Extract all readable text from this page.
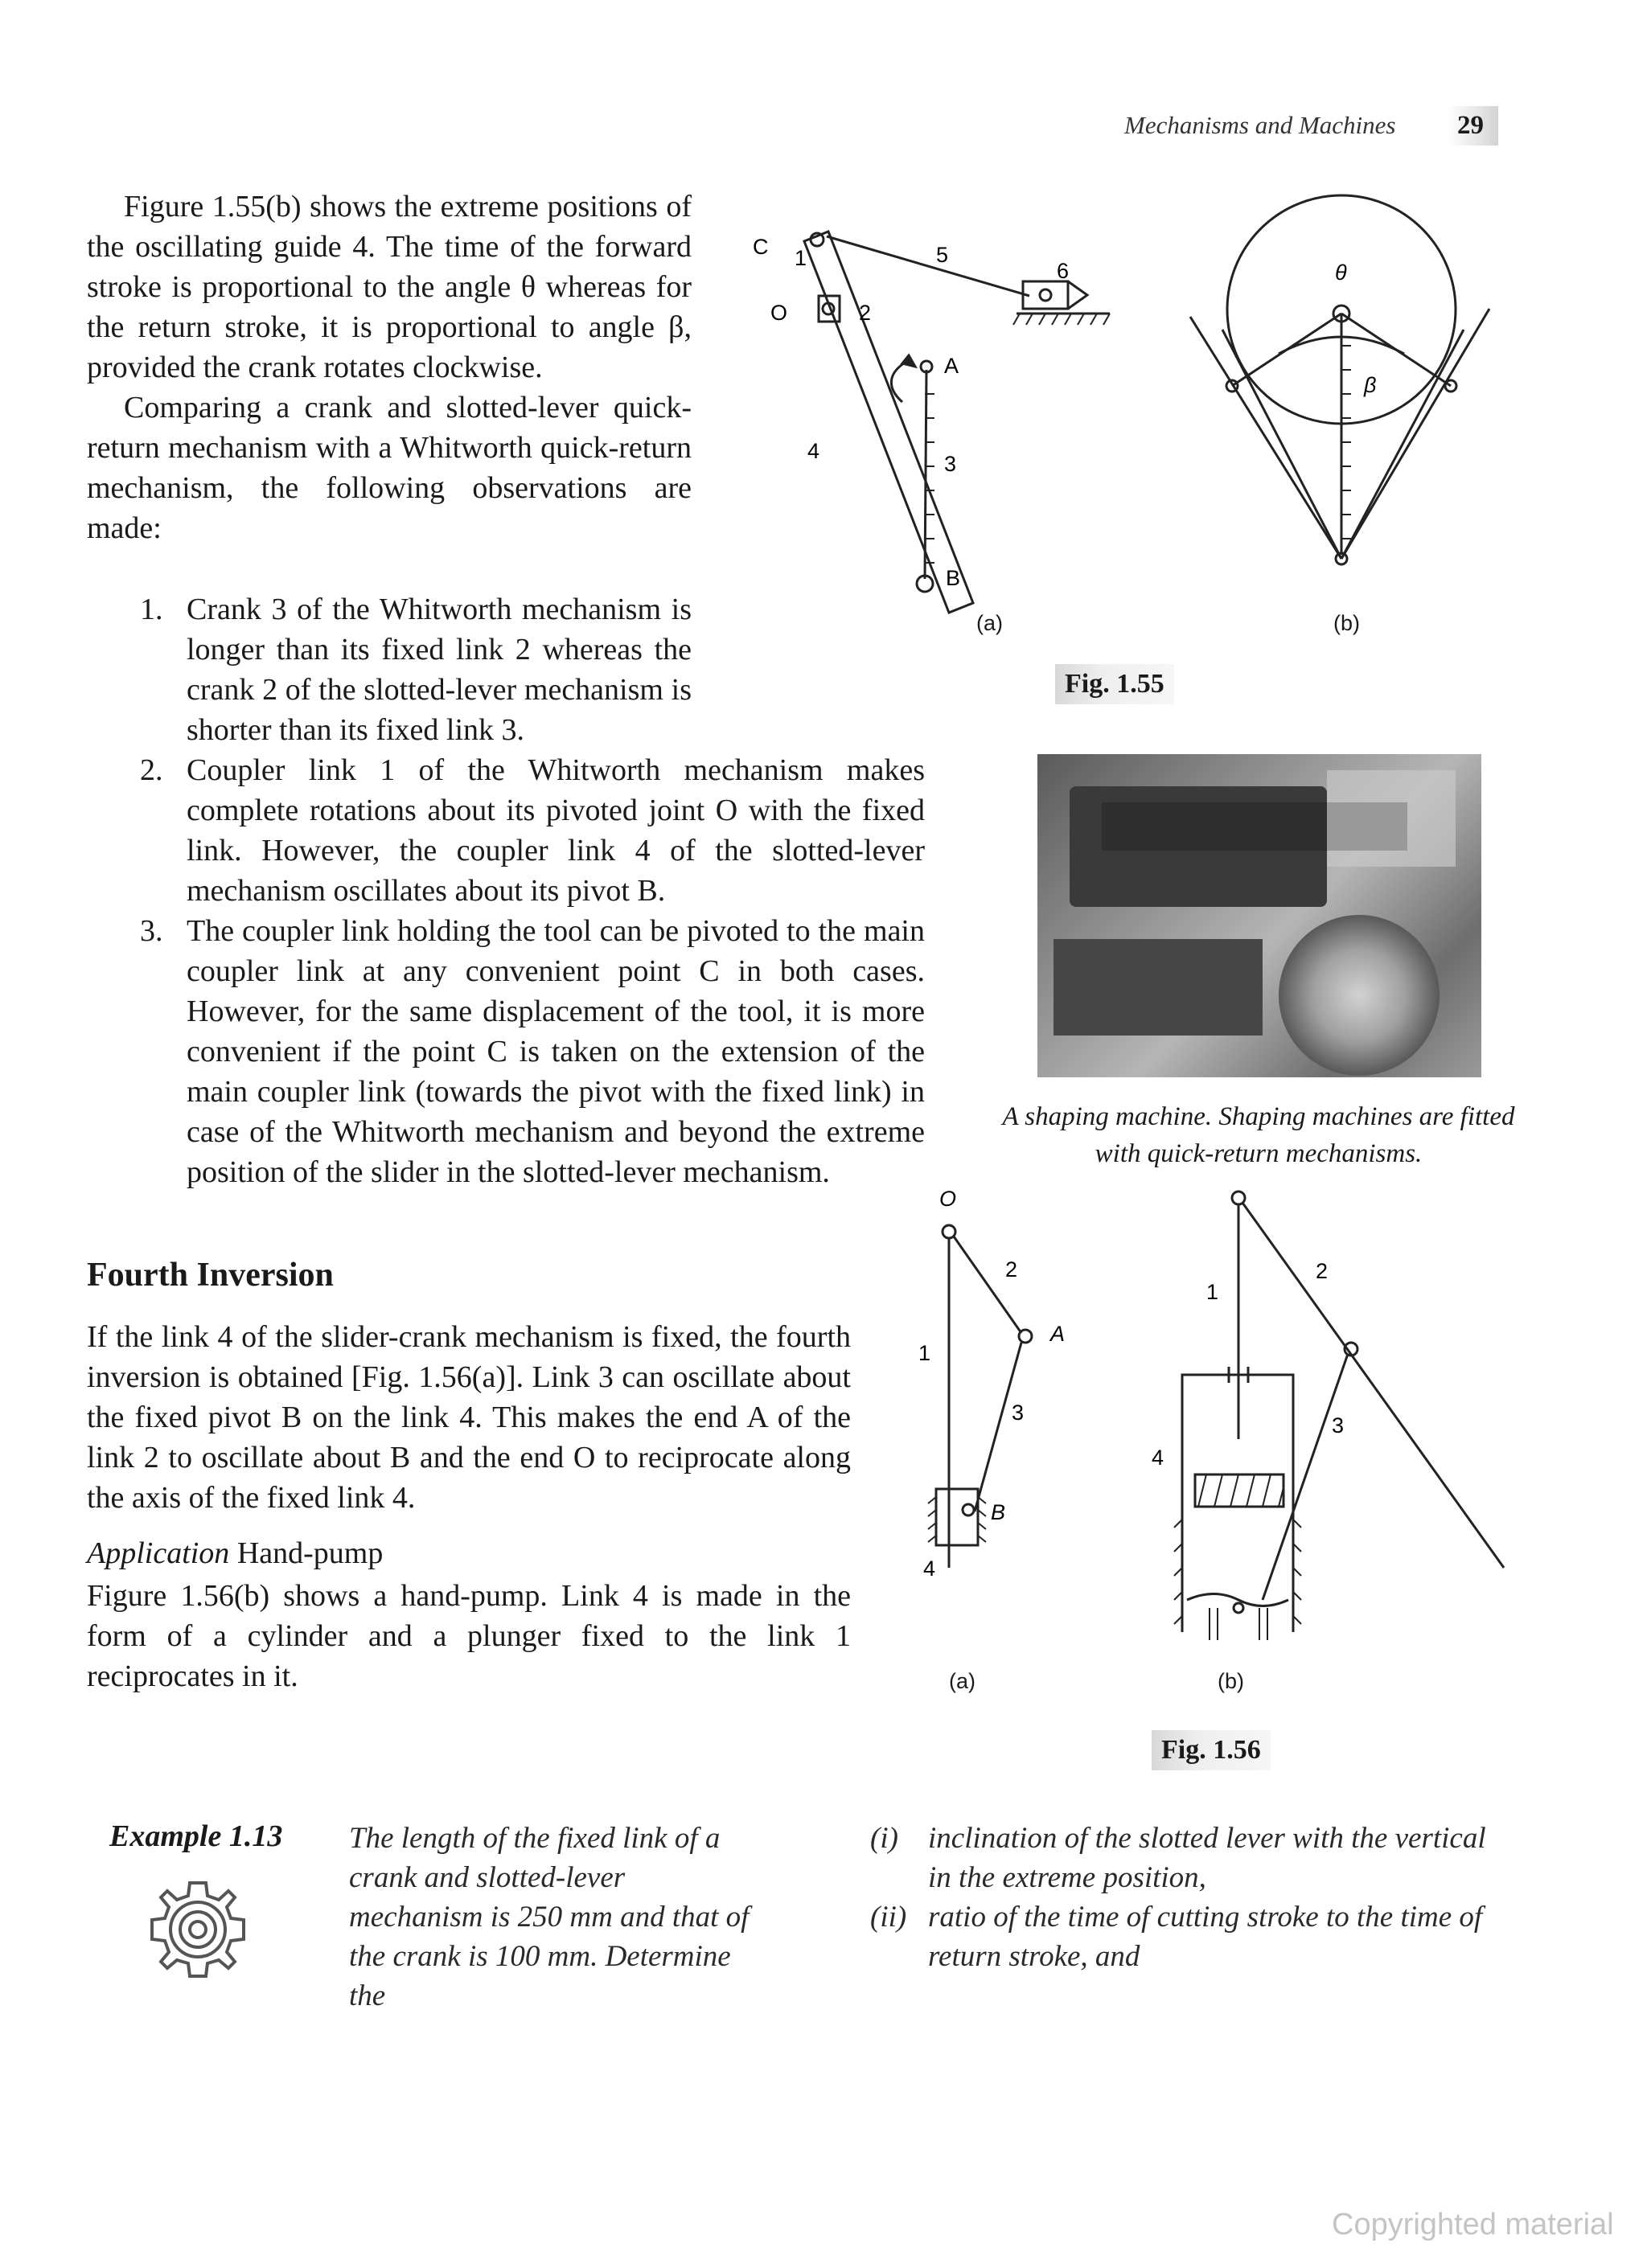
Mechanisms and Machines	29

Figure 1.55(b) shows the extreme positions of the oscillating guide 4. The time of the forward stroke is proportional to the angle θ whereas for the return stroke, it is proportional to angle β, provided the crank rotates clockwise.

Comparing a crank and slotted-lever quick-return mechanism with a Whitworth quick-return mechanism, the following observations are made:

1. Crank 3 of the Whitworth mechanism is longer than its fixed link 2 whereas the crank 2 of the slotted-lever mechanism is shorter than its fixed link 3.
2. Coupler link 1 of the Whitworth mechanism makes complete rotations about its pivoted joint O with the fixed link. However, the coupler link 4 of the slotted-lever mechanism oscillates about its pivot B.
3. The coupler link holding the tool can be pivoted to the main coupler link at any convenient point C in both cases. However, for the same displacement of the tool, it is more convenient if the point C is taken on the extension of the main coupler link (towards the pivot with the fixed link) in case of the Whitworth mechanism and beyond the extreme position of the slider in the slotted-lever mechanism.
C 1
O	2
5
6
A
4
3
B
(a)
θ
β
(b)
Fig. 1.55
A shaping machine. Shaping machines are fitted with quick-return mechanisms.
Fourth Inversion
If the link 4 of the slider-crank mechanism is fixed, the fourth inversion is obtained [Fig. 1.56(a)]. Link 3 can oscillate about the fixed pivot B on the link 4. This makes the end A of the link 2 to oscillate about B and the end O to reciprocate along the axis of the fixed link 4.
Application Hand-pump
Figure 1.56(b) shows a hand-pump. Link 4 is made in the form of a cylinder and a plunger fixed to the link 1 reciprocates in it.
O
2
1
A
3
B
4
(a)
1
2
3
4
(b)
Fig. 1.56
Example 1.13 The length of the fixed link of a crank and slotted-lever mechanism is 250 mm and that of the crank is 100 mm. Determine the
(i) inclination of the slotted lever with the vertical in the extreme position,
(ii) ratio of the time of cutting stroke to the time of return stroke, and
Copyrighted material
